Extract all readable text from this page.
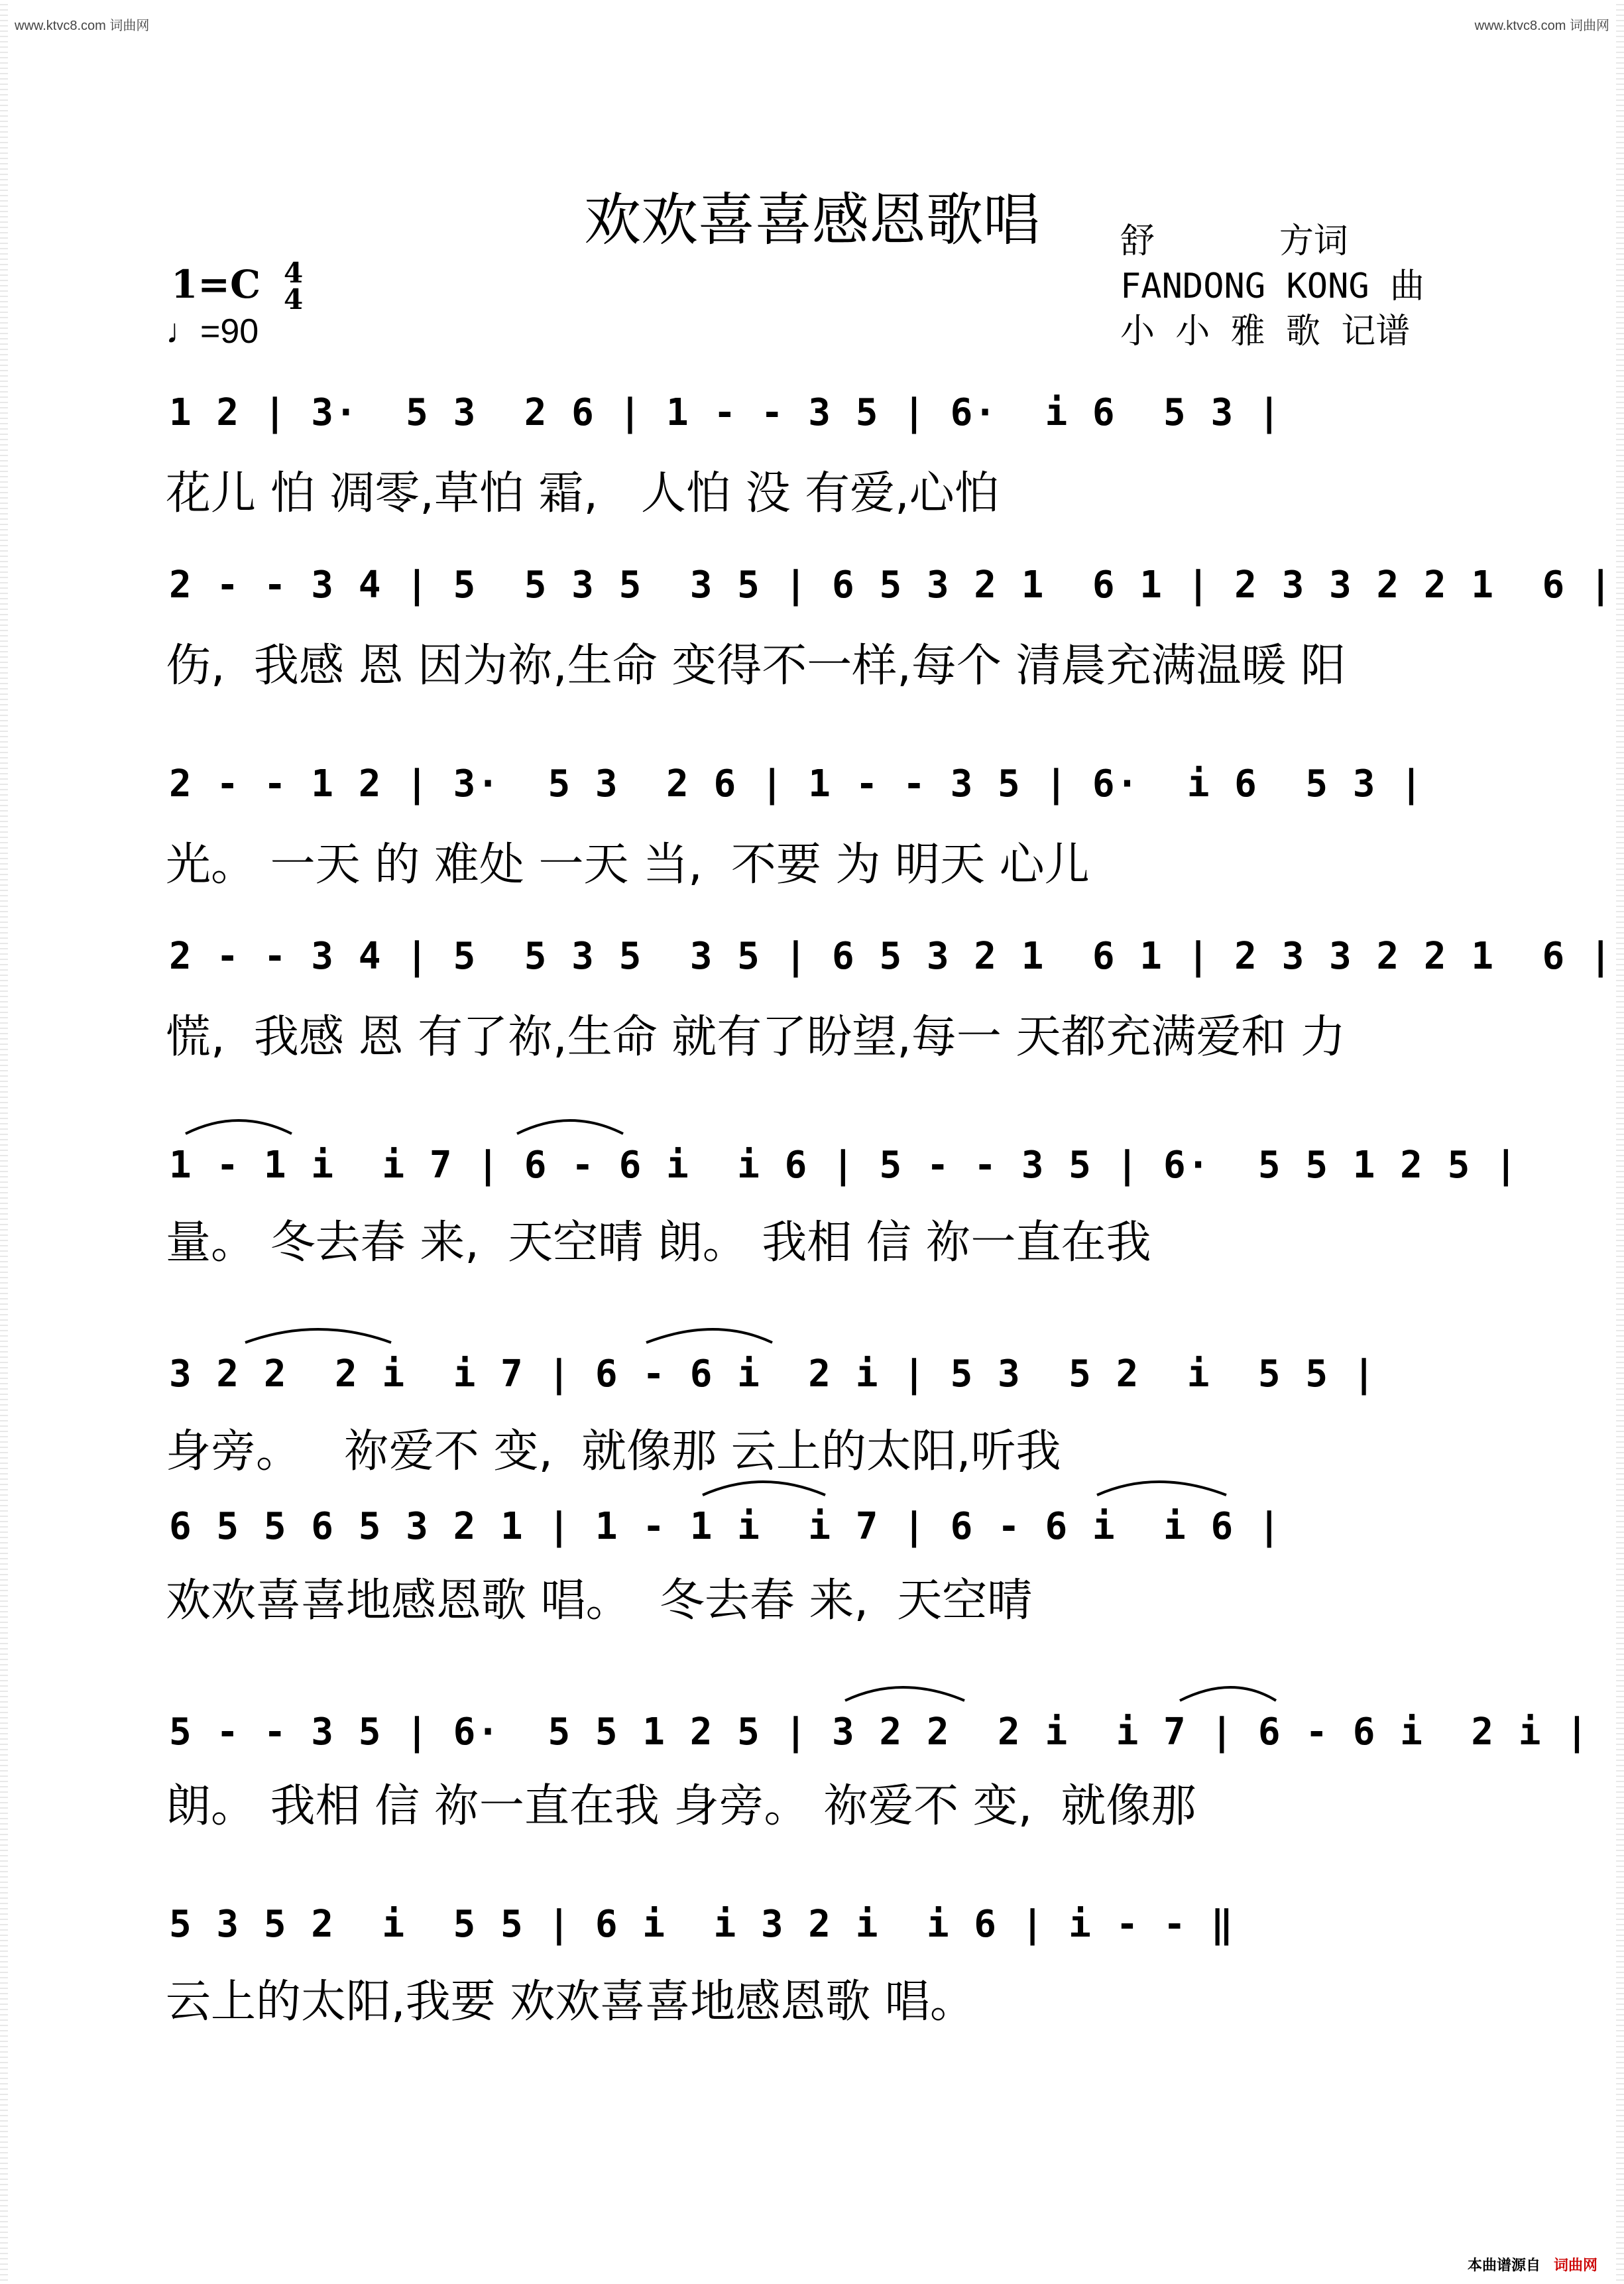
www.ktvc8.com 词曲网	www.ktvc8.com 词曲网
欢欢喜喜感恩歌唱	舒      方词
FANDONG KONG 曲
小 小 雅 歌 记谱
1=C 4
4
♩=90
1 2 | 3·  5 3  2 6 | 1 - - 3 5 | 6·  i 6  5 3 |
花儿 怕 凋零,草怕 霜,   人怕 没 有爱,心怕
2 - - 3 4 | 5  5 3 5  3 5 | 6 5 3 2 1  6 1 | 2 3 3 2 2 1  6 |
伤,  我感 恩 因为祢,生命 变得不一样,每个 清晨充满温暖 阳
2 - - 1 2 | 3·  5 3  2 6 | 1 - - 3 5 | 6·  i 6  5 3 |
光。 一天 的 难处 一天 当,  不要 为 明天 心儿
2 - - 3 4 | 5  5 3 5  3 5 | 6 5 3 2 1  6 1 | 2 3 3 2 2 1  6 |
慌,  我感 恩 有了祢,生命 就有了盼望,每一 天都充满爱和 力
1 - 1 i  i 7 | 6 - 6 i  i 6 | 5 - - 3 5 | 6·  5 5 1 2 5 |
量。 冬去春 来,  天空晴 朗。 我相 信 祢一直在我
3 2 2  2 i  i 7 | 6 - 6 i  2 i | 5 3  5 2  i  5 5 |
身旁。   祢爱不 变,  就像那 云上的太阳,听我
6 5 5 6 5 3 2 1 | 1 - 1 i  i 7 | 6 - 6 i  i 6 |
欢欢喜喜地感恩歌 唱。  冬去春 来,  天空晴
5 - - 3 5 | 6·  5 5 1 2 5 | 3 2 2  2 i  i 7 | 6 - 6 i  2 i |
朗。 我相 信 祢一直在我 身旁。 祢爱不 变,  就像那
5 3 5 2  i  5 5 | 6 i  i 3 2 i  i 6 | i - - ‖
云上的太阳,我要 欢欢喜喜地感恩歌 唱。
本曲谱源自 词曲网
